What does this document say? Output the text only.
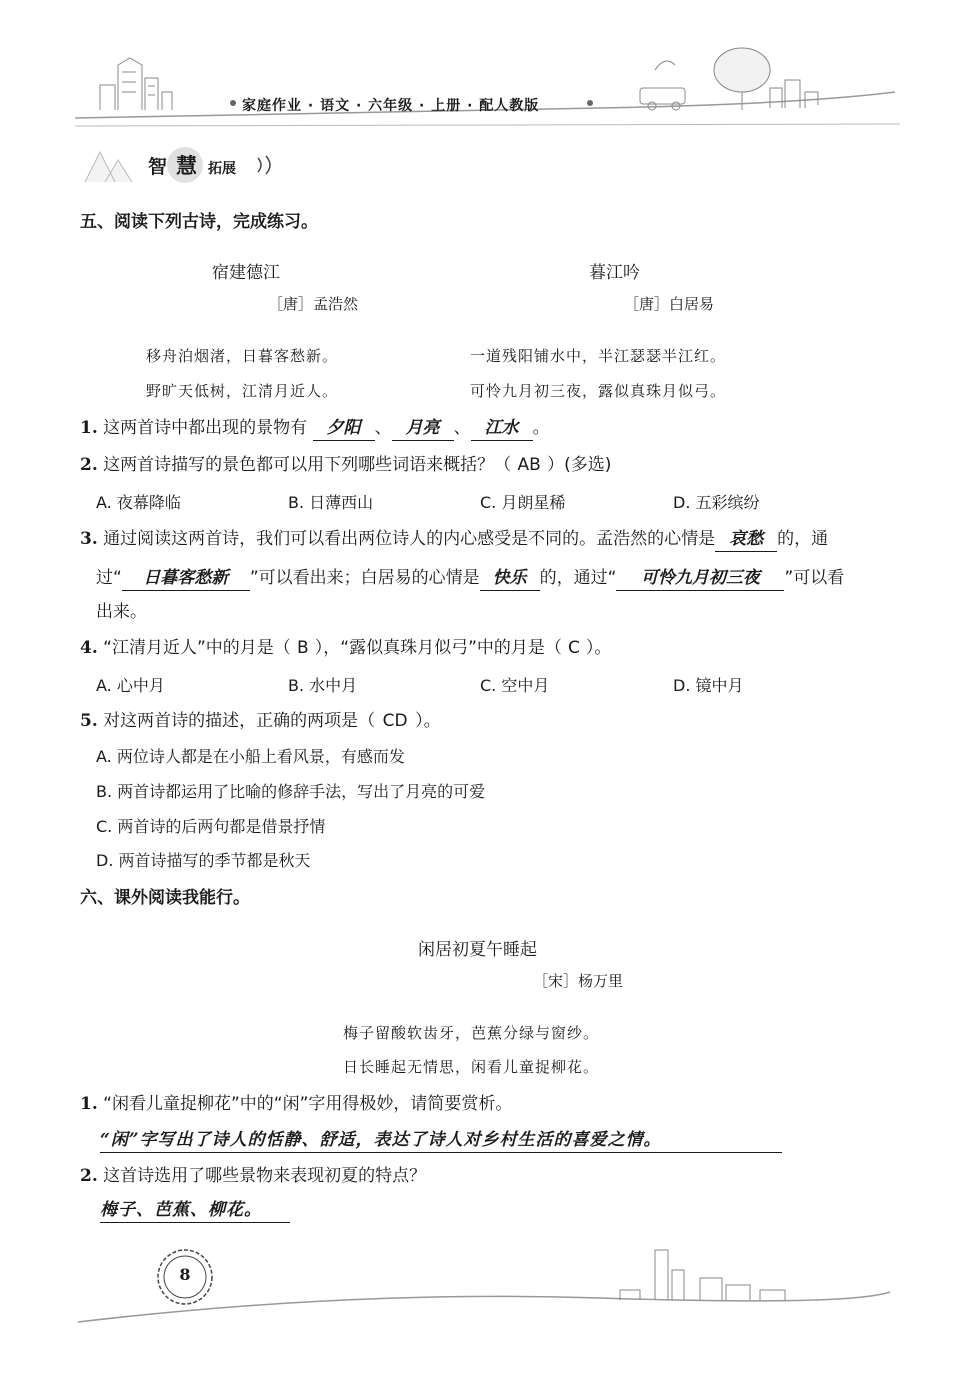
家庭作业 · 语文 · 六年级 · 上册 · 配人教版
智 慧 拓展
五、阅读下列古诗，完成练习。
宿建德江
［唐］孟浩然
移舟泊烟渚，日暮客愁新。
野旷天低树，江清月近人。
暮江吟
［唐］白居易
一道残阳铺水中，半江瑟瑟半江红。
可怜九月初三夜，露似真珠月似弓。
1. 这两首诗中都出现的景物有 夕阳 、 月亮 、 江水 。
2. 这两首诗描写的景色都可以用下列哪些词语来概括？（ AB ）(多选)
A. 夜幕降临	B. 日薄西山	C. 月朗星稀	D. 五彩缤纷
3. 通过阅读这两首诗，我们可以看出两位诗人的内心感受是不同的。孟浩然的心情是 哀愁 的，通
过“ 日暮客愁新 ”可以看出来；白居易的心情是 快乐 的，通过“ 可怜九月初三夜 ”可以看
出来。
4. “江清月近人”中的月是（ B ），“露似真珠月似弓”中的月是（ C ）。
A. 心中月	B. 水中月	C. 空中月	D. 镜中月
5. 对这两首诗的描述，正确的两项是（ CD ）。
A. 两位诗人都是在小船上看风景，有感而发
B. 两首诗都运用了比喻的修辞手法，写出了月亮的可爱
C. 两首诗的后两句都是借景抒情
D. 两首诗描写的季节都是秋天
六、课外阅读我能行。
闲居初夏午睡起
［宋］杨万里
梅子留酸软齿牙，芭蕉分绿与窗纱。
日长睡起无情思，闲看儿童捉柳花。
1. “闲看儿童捉柳花”中的“闲”字用得极妙，请简要赏析。
“闲”字写出了诗人的恬静、舒适，表达了诗人对乡村生活的喜爱之情。
2. 这首诗选用了哪些景物来表现初夏的特点？
梅子、芭蕉、柳花。
8
